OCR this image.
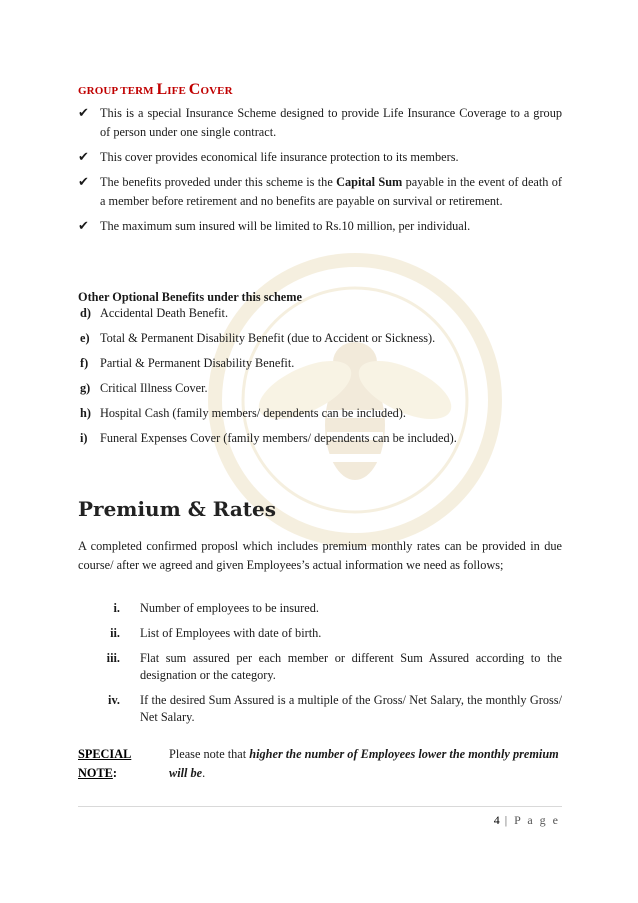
GROUP TERM LIFE COVER
✔ This is a special Insurance Scheme designed to provide Life Insurance Coverage to a group of person under one single contract.
✔ This cover provides economical life insurance protection to its members.
✔ The benefits proveded under this scheme is the Capital Sum payable in the event of death of a member before retirement and no benefits are payable on survival or retirement.
✔ The maximum sum insured will be limited to Rs.10 million, per individual.
Other Optional Benefits under this scheme
d) Accidental Death Benefit.
e) Total & Permanent Disability Benefit (due to Accident or Sickness).
f) Partial & Permanent Disability Benefit.
g) Critical Illness Cover.
h) Hospital Cash (family members/ dependents can be included).
i)	Funeral Expenses Cover (family members/ dependents can be included).
Premium & Rates
A completed confirmed proposl which includes premium monthly rates can be provided in due course/ after we agreed and given Employees’s actual information we need as follows;
i.	Number of employees to be insured.
ii.	List of Employees with date of birth.
iii.	Flat sum assured per each member or different Sum Assured according to the designation or the category.
iv.	If the desired Sum Assured is a multiple of the Gross/ Net Salary, the monthly Gross/ Net Salary.
SPECIAL NOTE:
Please note that higher the number of Employees lower the monthly premium will be.
4 | P a g e
